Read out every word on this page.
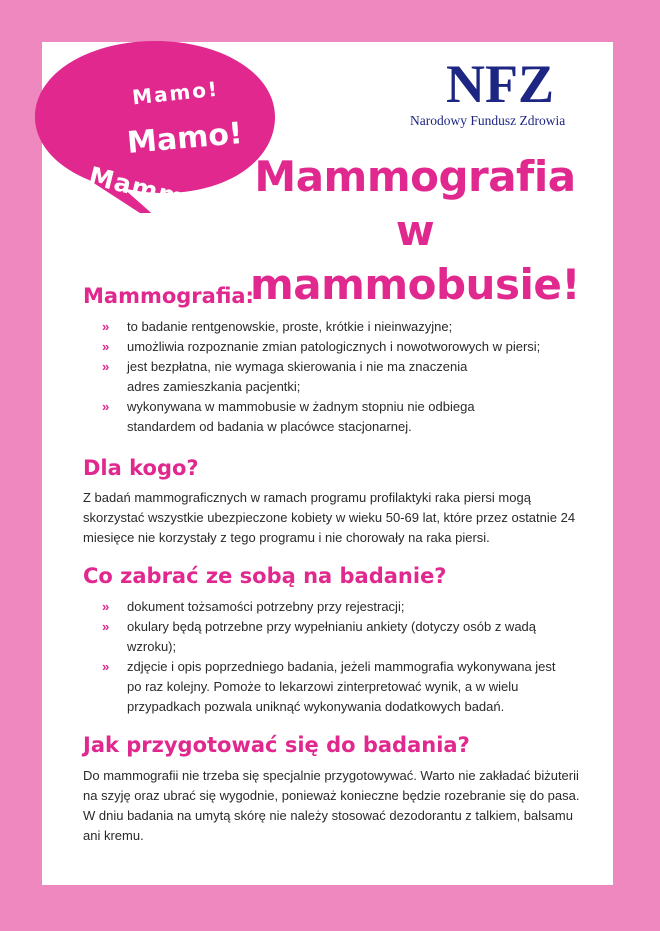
Mamo!
Mamo!
Mammobus!
NFZ
Narodowy Fundusz Zdrowia
Mammografia
w mammobusie!
Mammografia:
» to badanie rentgenowskie, proste, krótkie i nieinwazyjne;
» umożliwia rozpoznanie zmian patologicznych i nowotworowych w piersi;
» jest bezpłatna, nie wymaga skierowania i nie ma znaczenia adres zamieszkania pacjentki;
» wykonywana w mammobusie w żadnym stopniu nie odbiega standardem od badania w placówce stacjonarnej.
Dla kogo?
Z badań mammograficznych w ramach programu profilaktyki raka piersi mogą skorzystać wszystkie ubezpieczone kobiety w wieku 50-69 lat, które przez ostatnie 24 miesięce nie korzystały z tego programu i nie chorowały na raka piersi.
Co zabrać ze sobą na badanie?
» dokument tożsamości potrzebny przy rejestracji;
» okulary będą potrzebne przy wypełnianiu ankiety (dotyczy osób z wadą wzroku);
» zdjęcie i opis poprzedniego badania, jeżeli mammografia wykonywana jest po raz kolejny. Pomoże to lekarzowi zinterpretować wynik, a w wielu przypadkach pozwala uniknąć wykonywania dodatkowych badań.
Jak przygotować się do badania?
Do mammografii nie trzeba się specjalnie przygotowywać. Warto nie zakładać biżuterii na szyję oraz ubrać się wygodnie, ponieważ konieczne będzie rozebranie się do pasa. W dniu badania na umytą skórę nie należy stosować dezodorantu z talkiem, balsamu ani kremu.
